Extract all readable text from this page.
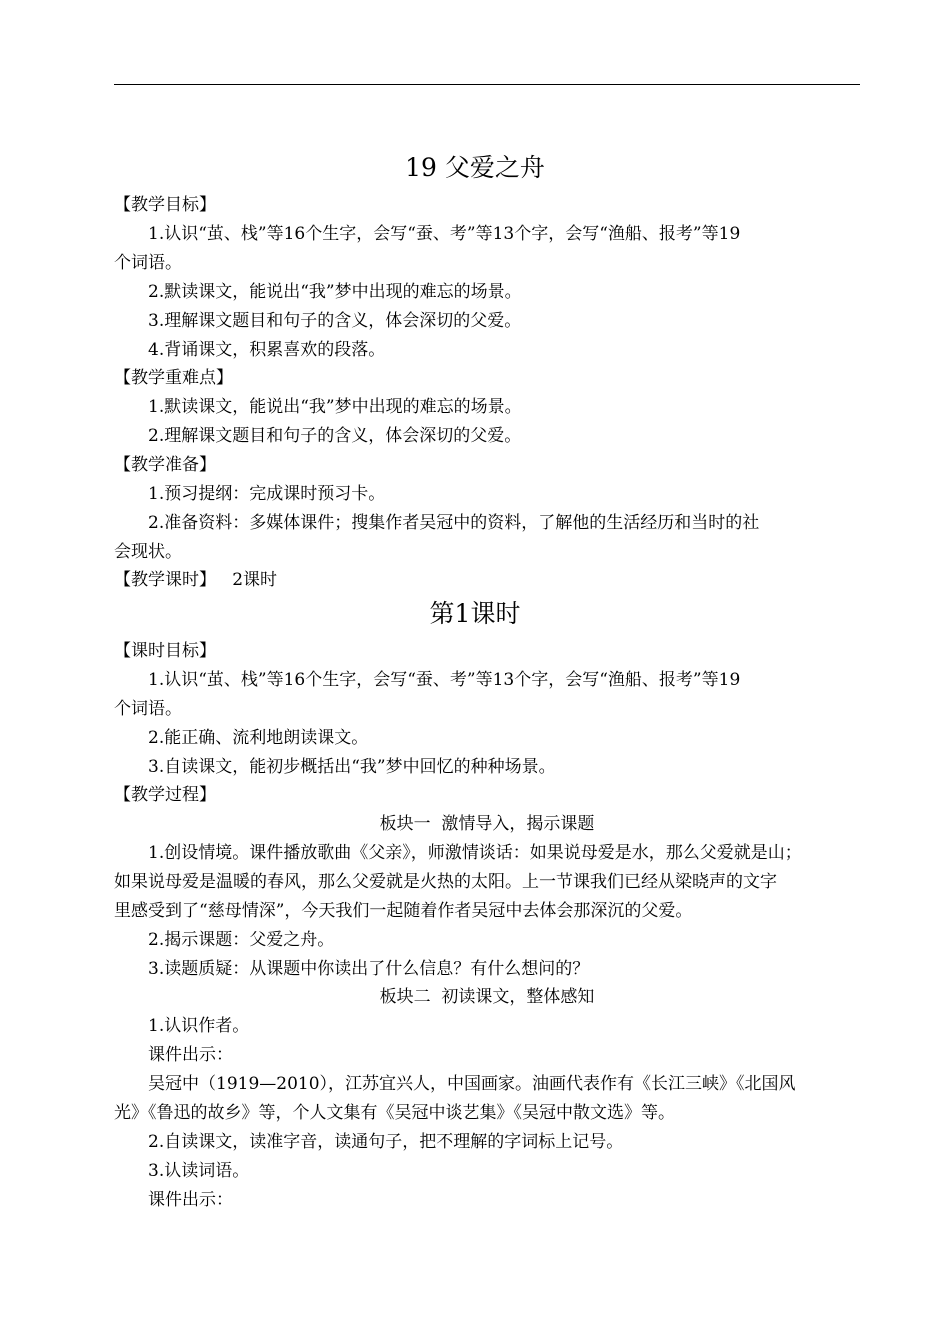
19 父爱之舟
【教学目标】
1.认识“茧、栈”等16个生字，会写“蚕、考”等13个字，会写“渔船、报考”等19
个词语。
2.默读课文，能说出“我”梦中出现的难忘的场景。
3.理解课文题目和句子的含义，体会深切的父爱。
4.背诵课文，积累喜欢的段落。
【教学重难点】
1.默读课文，能说出“我”梦中出现的难忘的场景。
2.理解课文题目和句子的含义，体会深切的父爱。
【教学准备】
1.预习提纲：完成课时预习卡。
2.准备资料：多媒体课件；搜集作者吴冠中的资料，了解他的生活经历和当时的社
会现状。
【教学课时】   2课时
第1课时
【课时目标】
1.认识“茧、栈”等16个生字，会写“蚕、考”等13个字，会写“渔船、报考”等19
个词语。
2.能正确、流利地朗读课文。
3.自读课文，能初步概括出“我”梦中回忆的种种场景。
【教学过程】
板块一  激情导入，揭示课题
1.创设情境。课件播放歌曲《父亲》，师激情谈话：如果说母爱是水，那么父爱就是山；
如果说母爱是温暖的春风，那么父爱就是火热的太阳。上一节课我们已经从梁晓声的文字
里感受到了“慈母情深”，今天我们一起随着作者吴冠中去体会那深沉的父爱。
2.揭示课题：父爱之舟。
3.读题质疑：从课题中你读出了什么信息？有什么想问的？
板块二  初读课文，整体感知
1.认识作者。
课件出示：
吴冠中（1919—2010），江苏宜兴人，中国画家。油画代表作有《长江三峡》《北国风
光》《鲁迅的故乡》等，个人文集有《吴冠中谈艺集》《吴冠中散文选》等。
2.自读课文，读准字音，读通句子，把不理解的字词标上记号。
3.认读词语。
课件出示：
